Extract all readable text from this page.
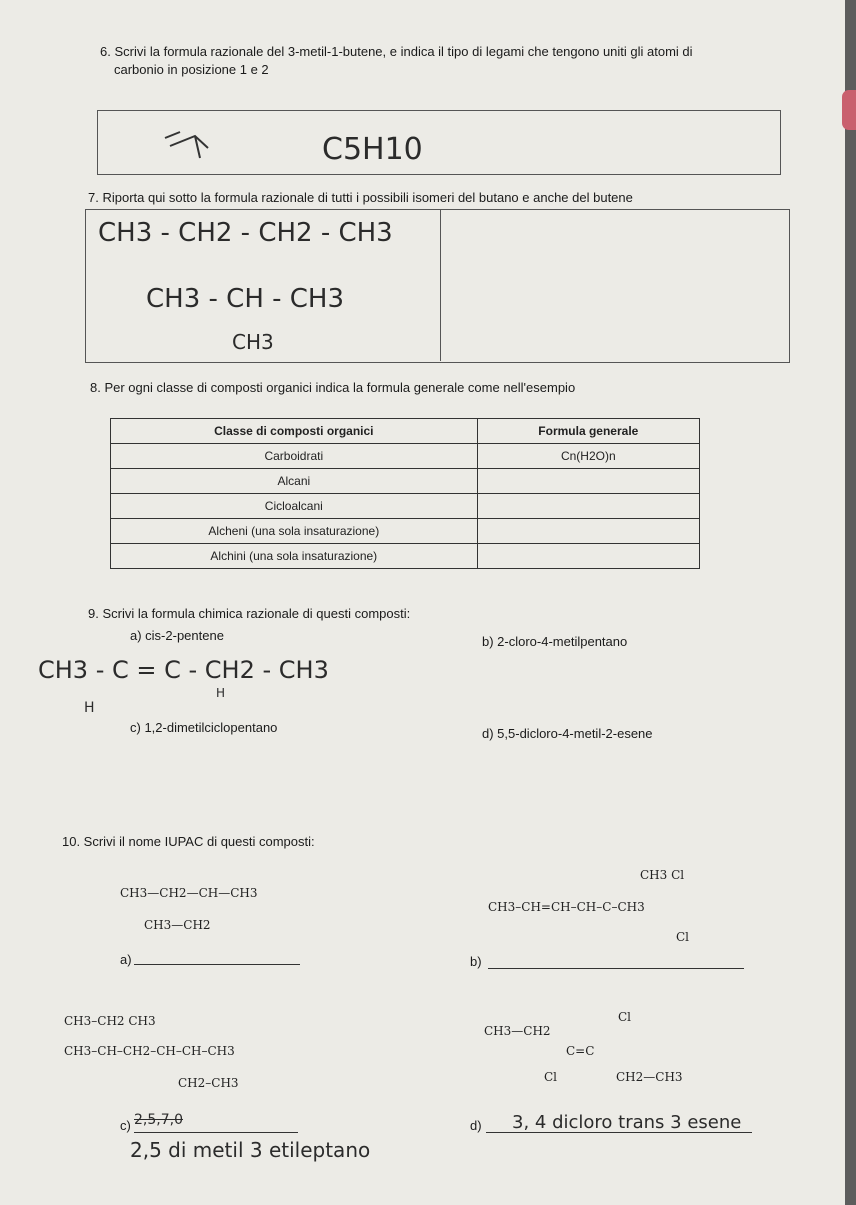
6. Scrivi la formula razionale del 3-metil-1-butene, e indica il tipo di legami che tengono uniti gli atomi di
carbonio in posizione 1 e 2
C5H10
7. Riporta qui sotto la formula razionale di tutti i possibili isomeri del butano e anche del butene
CH3 - CH2 - CH2 - CH3
CH3 - CH - CH3
CH3
8. Per ogni classe di composti organici indica la formula generale come nell'esempio
Classe di composti organici	Formula generale
Carboidrati	Cn(H2O)n
Alcani	
Cicloalcani	
Alcheni (una sola insaturazione)	
Alchini (una sola insaturazione)	
9. Scrivi la formula chimica razionale di questi composti:
a) cis-2-pentene	b) 2-cloro-4-metilpentano
CH3 - C = C - CH2 - CH3
H
H
c) 1,2-dimetilciclopentano	d) 5,5-dicloro-4-metil-2-esene
10. Scrivi il nome IUPAC di questi composti:
CH3—CH2—CH—CH3
CH3—CH2
a)
CH3 Cl
CH3–CH=CH–CH–C–CH3
Cl
b)
CH3–CH2 CH3
CH3–CH–CH2–CH–CH–CH3
CH2–CH3
c) 2,5,7,0
2,5 di metil 3 etileptano
CH3—CH2
C=C
Cl
Cl	CH2—CH3
d) 3, 4 dicloro trans 3 esene
